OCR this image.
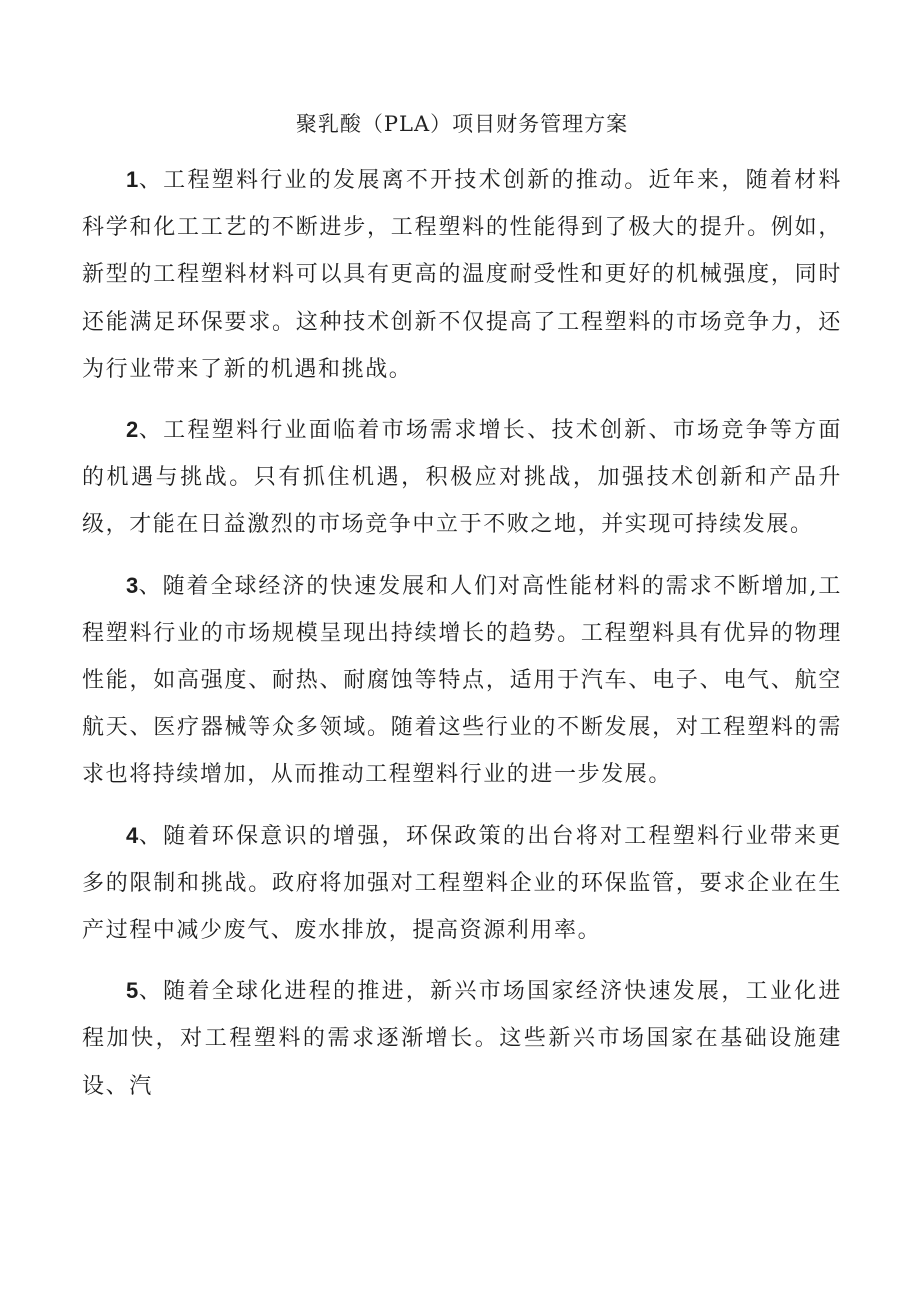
聚乳酸（PLA）项目财务管理方案

1、工程塑料行业的发展离不开技术创新的推动。近年来，随着材料科学和化工工艺的不断进步，工程塑料的性能得到了极大的提升。例如，新型的工程塑料材料可以具有更高的温度耐受性和更好的机械强度，同时还能满足环保要求。这种技术创新不仅提高了工程塑料的市场竞争力，还为行业带来了新的机遇和挑战。

2、工程塑料行业面临着市场需求增长、技术创新、市场竞争等方面的机遇与挑战。只有抓住机遇，积极应对挑战，加强技术创新和产品升级，才能在日益激烈的市场竞争中立于不败之地，并实现可持续发展。

3、随着全球经济的快速发展和人们对高性能材料的需求不断增加,工程塑料行业的市场规模呈现出持续增长的趋势。工程塑料具有优异的物理性能，如高强度、耐热、耐腐蚀等特点，适用于汽车、电子、电气、航空航天、医疗器械等众多领域。随着这些行业的不断发展，对工程塑料的需求也将持续增加，从而推动工程塑料行业的进一步发展。

4、随着环保意识的增强，环保政策的出台将对工程塑料行业带来更多的限制和挑战。政府将加强对工程塑料企业的环保监管，要求企业在生产过程中减少废气、废水排放，提高资源利用率。

5、随着全球化进程的推进，新兴市场国家经济快速发展，工业化进程加快，对工程塑料的需求逐渐增长。这些新兴市场国家在基础设施建设、汽
